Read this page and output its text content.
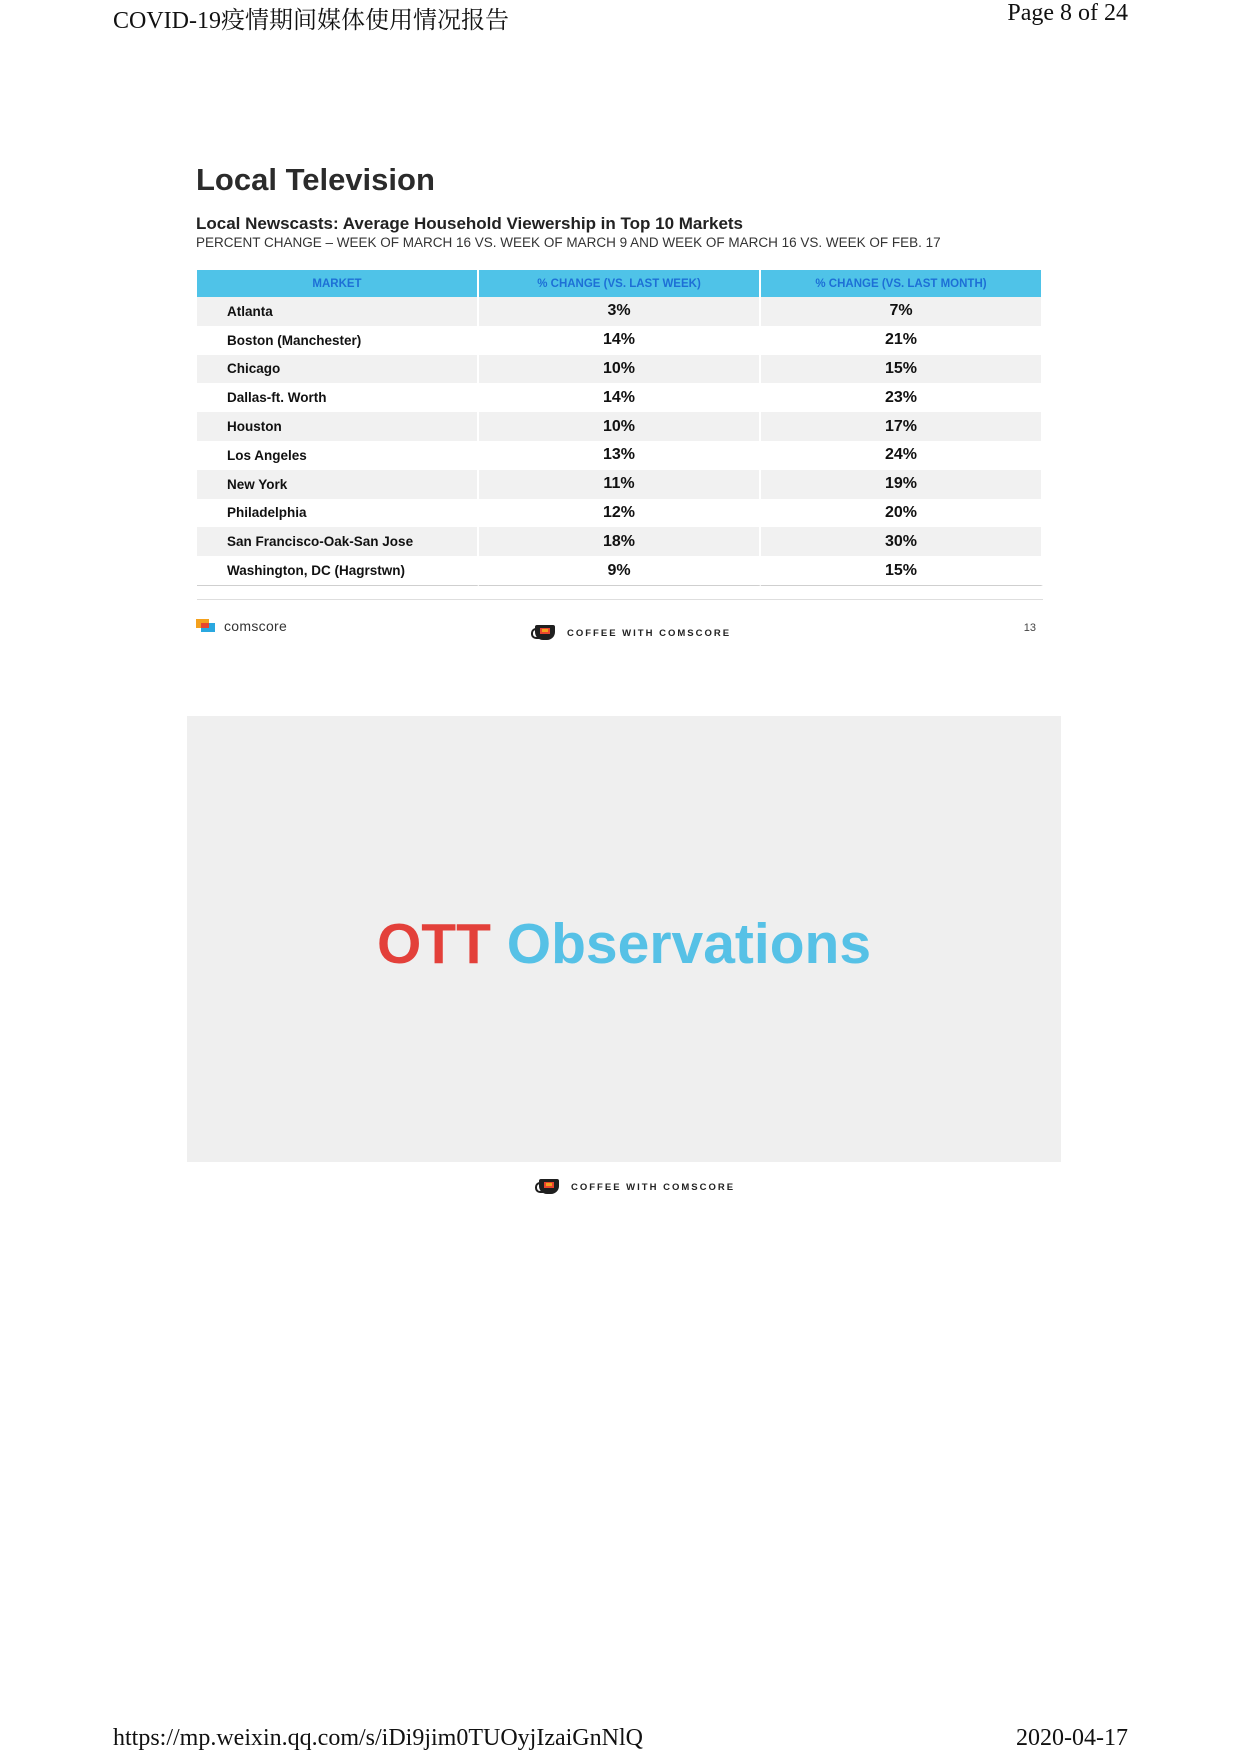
COVID-19疫情期间媒体使用情况报告	Page 8 of 24
Local Television
Local Newscasts: Average Household Viewership in Top 10 Markets
PERCENT CHANGE – WEEK OF MARCH 16 VS. WEEK OF MARCH 9 AND WEEK OF MARCH 16 VS. WEEK OF FEB. 17
MARKET	% CHANGE (VS. LAST WEEK)	% CHANGE (VS. LAST MONTH)
Atlanta	3%	7%
Boston (Manchester)	14%	21%
Chicago	10%	15%
Dallas-ft. Worth	14%	23%
Houston	10%	17%
Los Angeles	13%	24%
New York	11%	19%
Philadelphia	12%	20%
San Francisco-Oak-San Jose	18%	30%
Washington, DC (Hagrstwn)	9%	15%
comscore	COFFEE WITH COMSCORE	13
OTT Observations
COFFEE WITH COMSCORE
https://mp.weixin.qq.com/s/iDi9jim0TUOyjIzaiGnNlQ	2020-04-17
